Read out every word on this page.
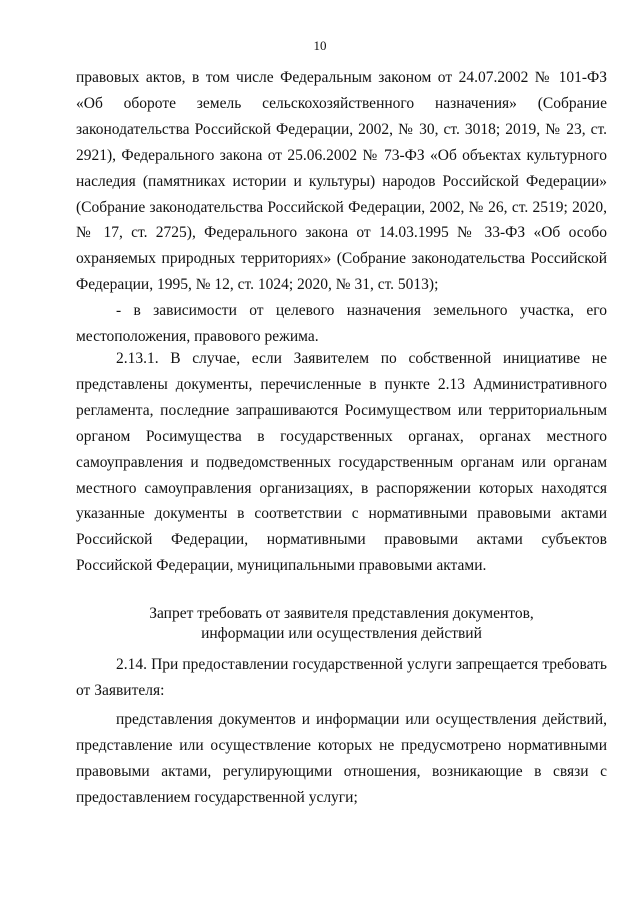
10

правовых актов, в том числе Федеральным законом от 24.07.2002 № 101-ФЗ «Об обороте земель сельскохозяйственного назначения» (Собрание законодательства Российской Федерации, 2002, № 30, ст. 3018; 2019, № 23, ст. 2921), Федерального закона от 25.06.2002 № 73-ФЗ «Об объектах культурного наследия (памятниках истории и культуры) народов Российской Федерации» (Собрание законодательства Российской Федерации, 2002, № 26, ст. 2519; 2020, № 17, ст. 2725), Федерального закона от 14.03.1995 № 33-ФЗ «Об особо охраняемых природных территориях» (Собрание законодательства Российской Федерации, 1995, № 12, ст. 1024; 2020, № 31, ст. 5013);

- в зависимости от целевого назначения земельного участка, его местоположения, правового режима.

2.13.1. В случае, если Заявителем по собственной инициативе не представлены документы, перечисленные в пункте 2.13 Административного регламента, последние запрашиваются Росимуществом или территориальным органом Росимущества в государственных органах, органах местного самоуправления и подведомственных государственным органам или органам местного самоуправления организациях, в распоряжении которых находятся указанные документы в соответствии с нормативными правовыми актами Российской Федерации, нормативными правовыми актами субъектов Российской Федерации, муниципальными правовыми актами.

Запрет требовать от заявителя представления документов,
информации или осуществления действий

2.14. При предоставлении государственной услуги запрещается требовать от Заявителя:

представления документов и информации или осуществления действий, представление или осуществление которых не предусмотрено нормативными правовыми актами, регулирующими отношения, возникающие в связи с предоставлением государственной услуги;
